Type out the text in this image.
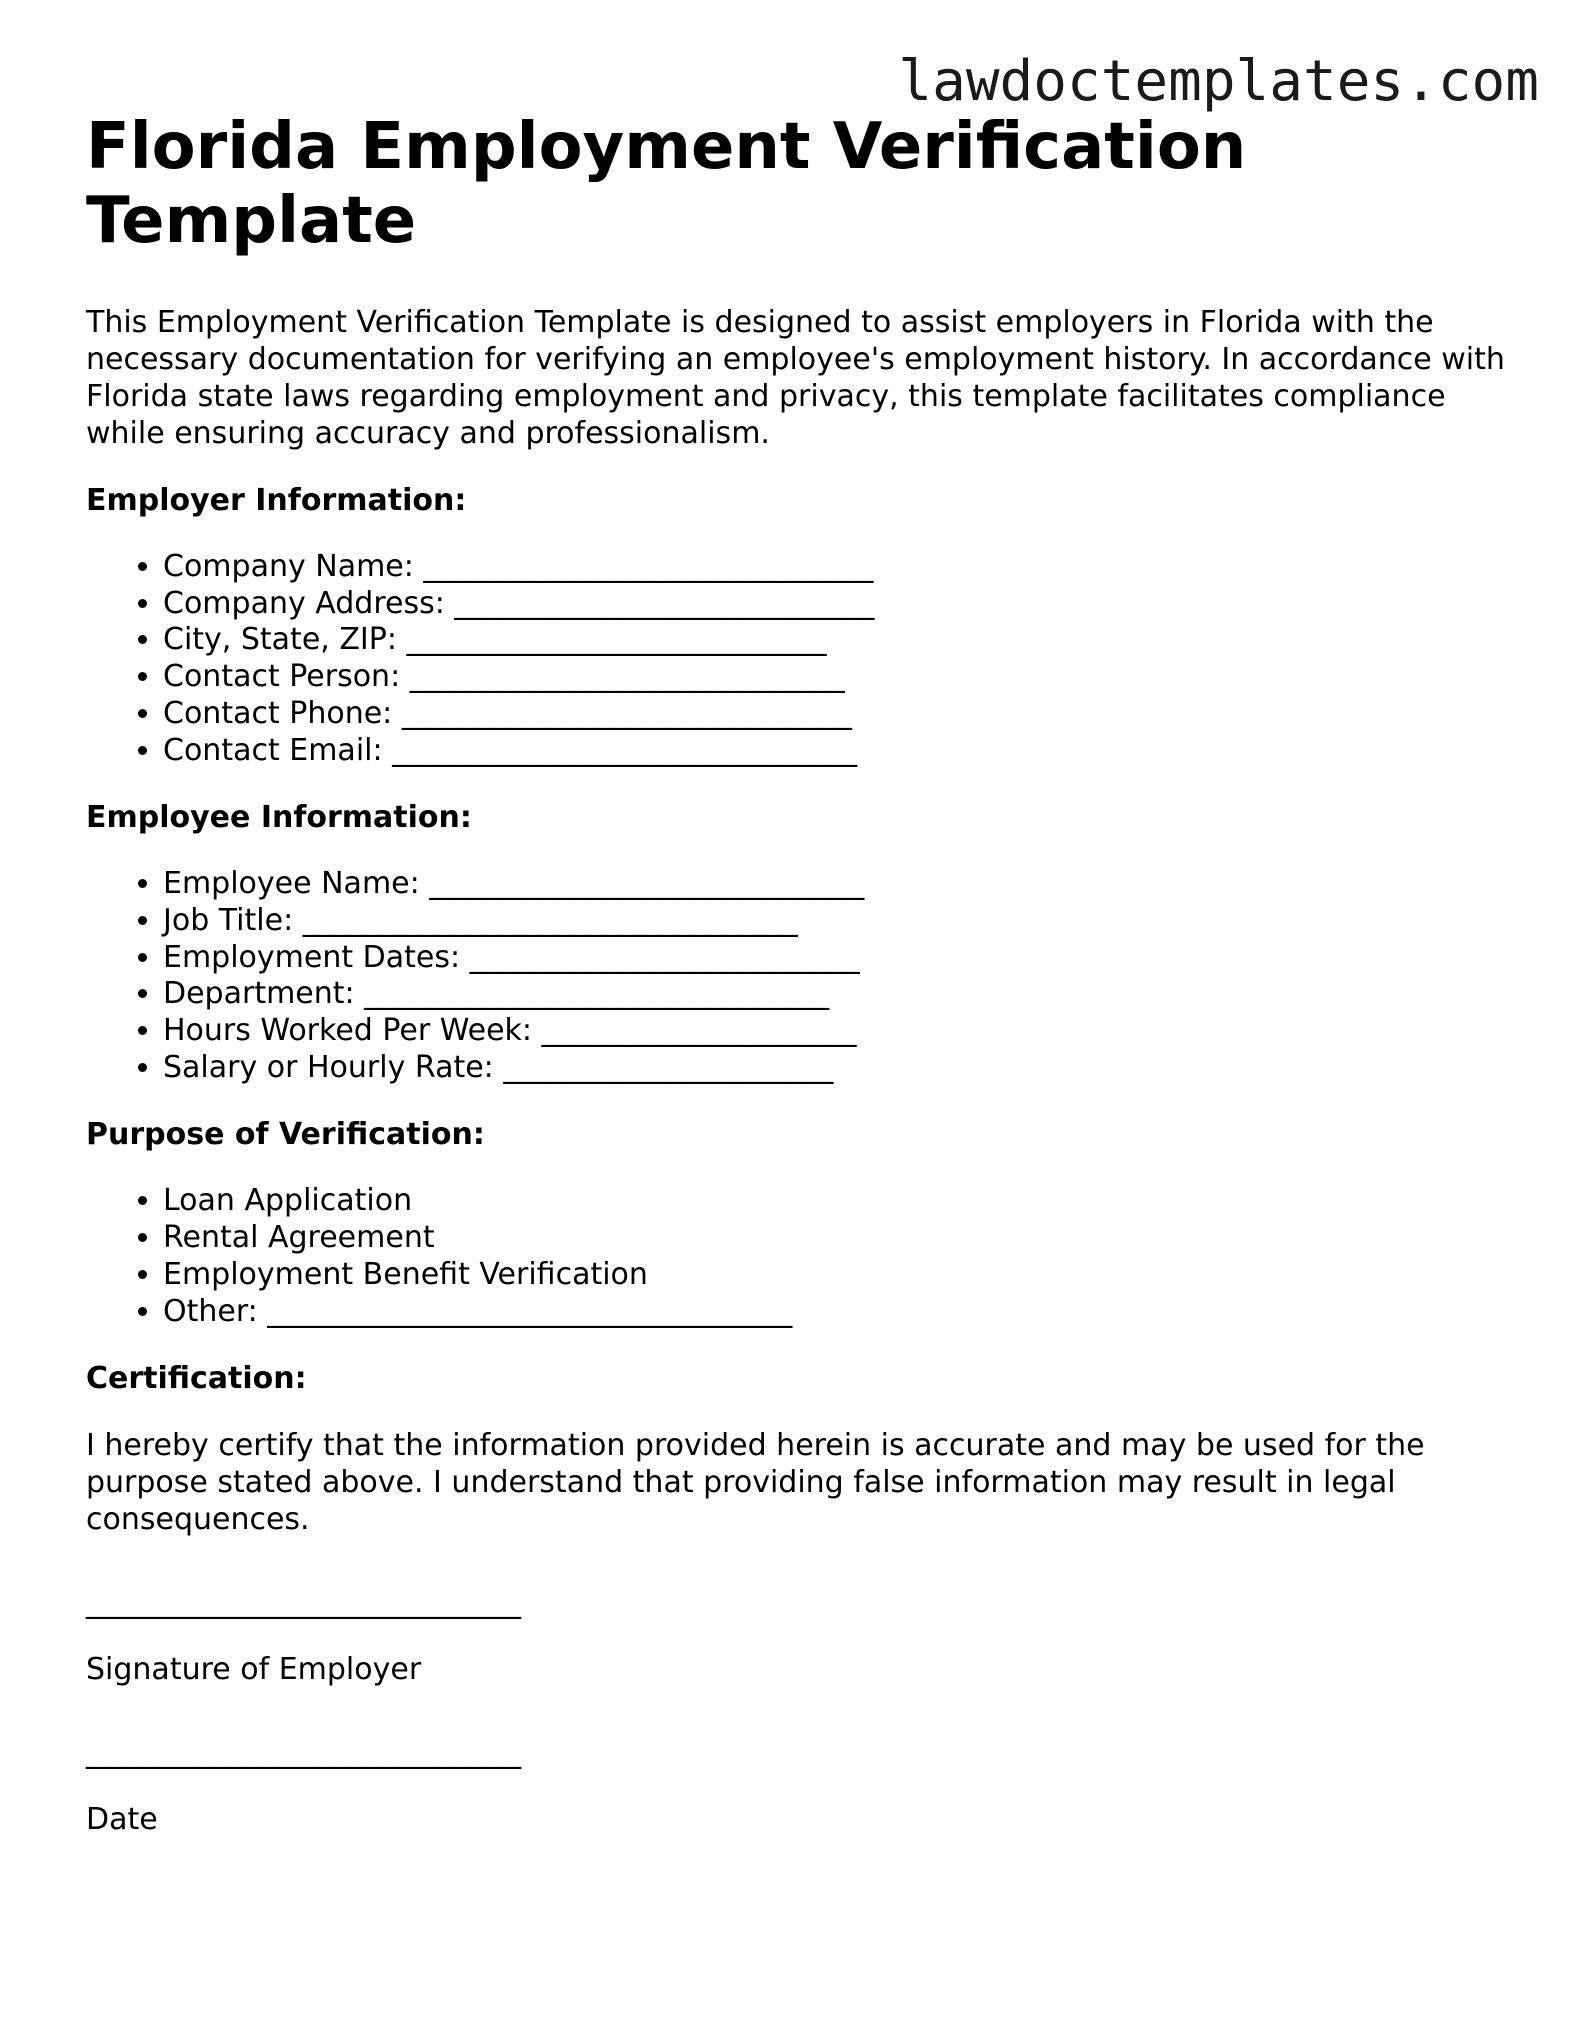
lawdoctemplates.com
Florida Employment Verification Template

This Employment Verification Template is designed to assist employers in Florida with the necessary documentation for verifying an employee's employment history. In accordance with Florida state laws regarding employment and privacy, this template facilitates compliance while ensuring accuracy and professionalism.

Employer Information:
• Company Name: ______________________________
• Company Address: ____________________________
• City, State, ZIP: ____________________________
• Contact Person: _____________________________
• Contact Phone: ______________________________
• Contact Email: _______________________________
Employee Information:
• Employee Name: _____________________________
• Job Title: _________________________________
• Employment Dates: __________________________
• Department: _______________________________
• Hours Worked Per Week: _____________________
• Salary or Hourly Rate: ______________________
Purpose of Verification:
• Loan Application
• Rental Agreement
• Employment Benefit Verification
• Other: ___________________________________
Certification:

I hereby certify that the information provided herein is accurate and may be used for the purpose stated above. I understand that providing false information may result in legal consequences.

_____________________________
Signature of Employer
_____________________________
Date
